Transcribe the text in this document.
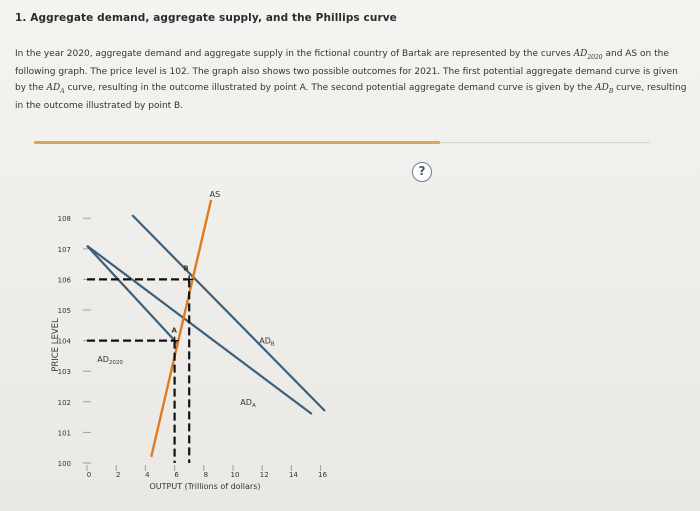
1. Aggregate demand, aggregate supply, and the Phillips curve
In the year 2020, aggregate demand and aggregate supply in the fictional country of Bartak are represented by the curves $AD_{2020}$ and AS on the following graph. The price level is 102. The graph also shows two possible outcomes for 2021. The first potential aggregate demand curve is given by the $AD_A$ curve, resulting in the outcome illustrated by point A. The second potential aggregate demand curve is given by the $AD_B$ curve, resulting in the outcome illustrated by point B.
?
100
101
102
103
104
105
106
107
108
0	2	4	6	8	10	12	14	16
A
B
AS
$AD_{2020}$
$AD_A$
$AD_B$
PRICE LEVEL
OUTPUT (Trillions of dollars)
